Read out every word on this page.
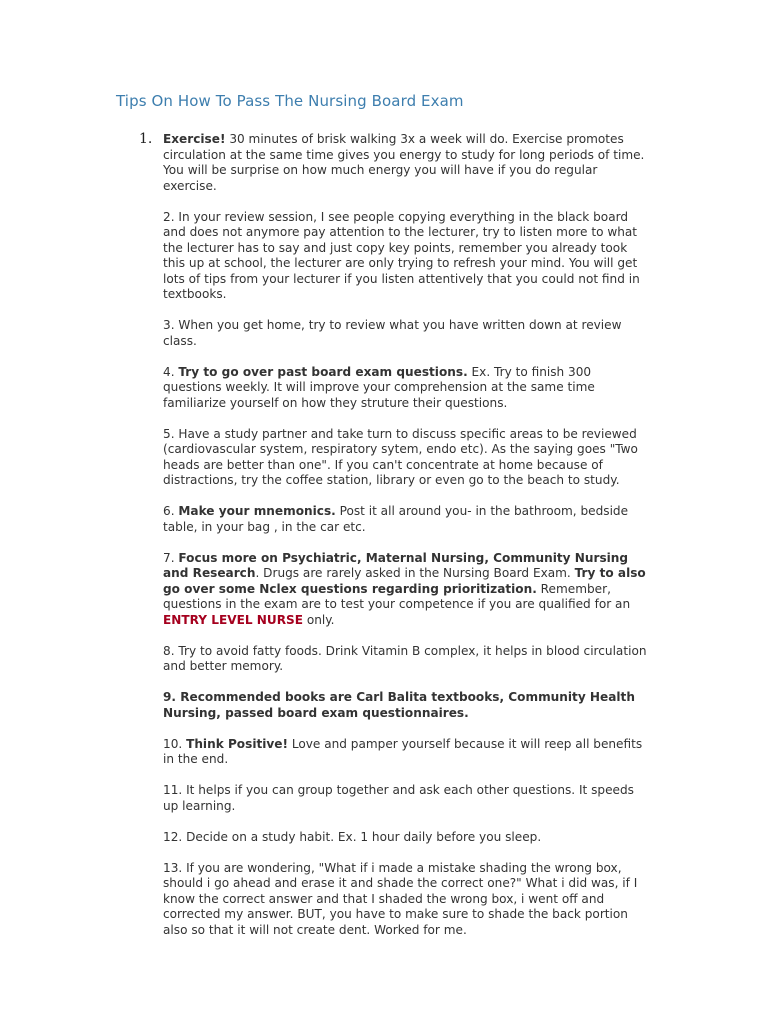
Tips On How To Pass The Nursing Board Exam
1. Exercise! 30 minutes of brisk walking 3x a week will do. Exercise promotes circulation at the same time gives you energy to study for long periods of time. You will be surprise on how much energy you will have if you do regular exercise.

2. In your review session, I see people copying everything in the black board and does not anymore pay attention to the lecturer, try to listen more to what the lecturer has to say and just copy key points, remember you already took this up at school, the lecturer are only trying to refresh your mind. You will get lots of tips from your lecturer if you listen attentively that you could not find in textbooks.

3. When you get home, try to review what you have written down at review class.

4. Try to go over past board exam questions. Ex. Try to finish 300 questions weekly. It will improve your comprehension at the same time familiarize yourself on how they struture their questions.

5. Have a study partner and take turn to discuss specific areas to be reviewed (cardiovascular system, respiratory sytem, endo etc). As the saying goes "Two heads are better than one". If you can't concentrate at home because of distractions, try the coffee station, library or even go to the beach to study.

6. Make your mnemonics. Post it all around you- in the bathroom, bedside table, in your bag , in the car etc.

7. Focus more on Psychiatric, Maternal Nursing, Community Nursing and Research. Drugs are rarely asked in the Nursing Board Exam. Try to also go over some Nclex questions regarding prioritization. Remember, questions in the exam are to test your competence if you are qualified for an ENTRY LEVEL NURSE only.

8. Try to avoid fatty foods. Drink Vitamin B complex, it helps in blood circulation and better memory.

9. Recommended books are Carl Balita textbooks, Community Health Nursing, passed board exam questionnaires.

10. Think Positive! Love and pamper yourself because it will reep all benefits in the end.

11. It helps if you can group together and ask each other questions. It speeds up learning.

12. Decide on a study habit. Ex. 1 hour daily before you sleep.

13. If you are wondering, "What if i made a mistake shading the wrong box, should i go ahead and erase it and shade the correct one?" What i did was, if I know the correct answer and that I shaded the wrong box, i went off and corrected my answer. BUT, you have to make sure to shade the back portion also so that it will not create dent. Worked for me.
